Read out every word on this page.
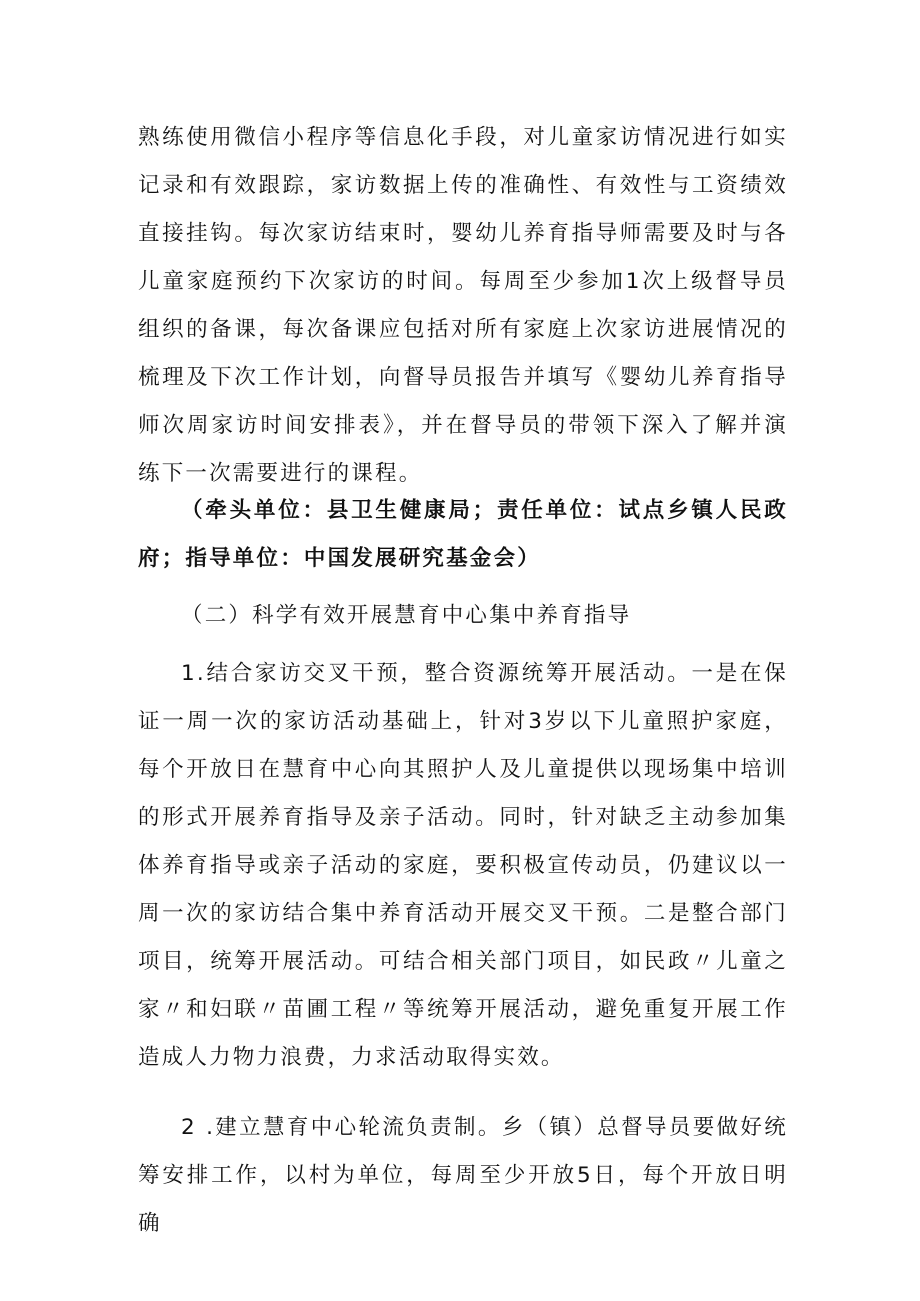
熟练使用微信小程序等信息化手段，对儿童家访情况进行如实记录和有效跟踪，家访数据上传的准确性、有效性与工资绩效直接挂钩。每次家访结束时，婴幼儿养育指导师需要及时与各儿童家庭预约下次家访的时间。每周至少参加1次上级督导员组织的备课，每次备课应包括对所有家庭上次家访进展情况的梳理及下次工作计划，向督导员报告并填写《婴幼儿养育指导师次周家访时间安排表》，并在督导员的带领下深入了解并演练下一次需要进行的课程。

（牵头单位：县卫生健康局；责任单位：试点乡镇人民政府；指导单位：中国发展研究基金会）

（二）科学有效开展慧育中心集中养育指导

1.结合家访交叉干预，整合资源统筹开展活动。一是在保证一周一次的家访活动基础上，针对3岁以下儿童照护家庭，每个开放日在慧育中心向其照护人及儿童提供以现场集中培训的形式开展养育指导及亲子活动。同时，针对缺乏主动参加集体养育指导或亲子活动的家庭，要积极宣传动员，仍建议以一周一次的家访结合集中养育活动开展交叉干预。二是整合部门项目，统筹开展活动。可结合相关部门项目，如民政〃儿童之家〃和妇联〃苗圃工程〃等统筹开展活动，避免重复开展工作造成人力物力浪费，力求活动取得实效。

2 .建立慧育中心轮流负责制。乡（镇）总督导员要做好统筹安排工作，以村为单位，每周至少开放5日，每个开放日明确
